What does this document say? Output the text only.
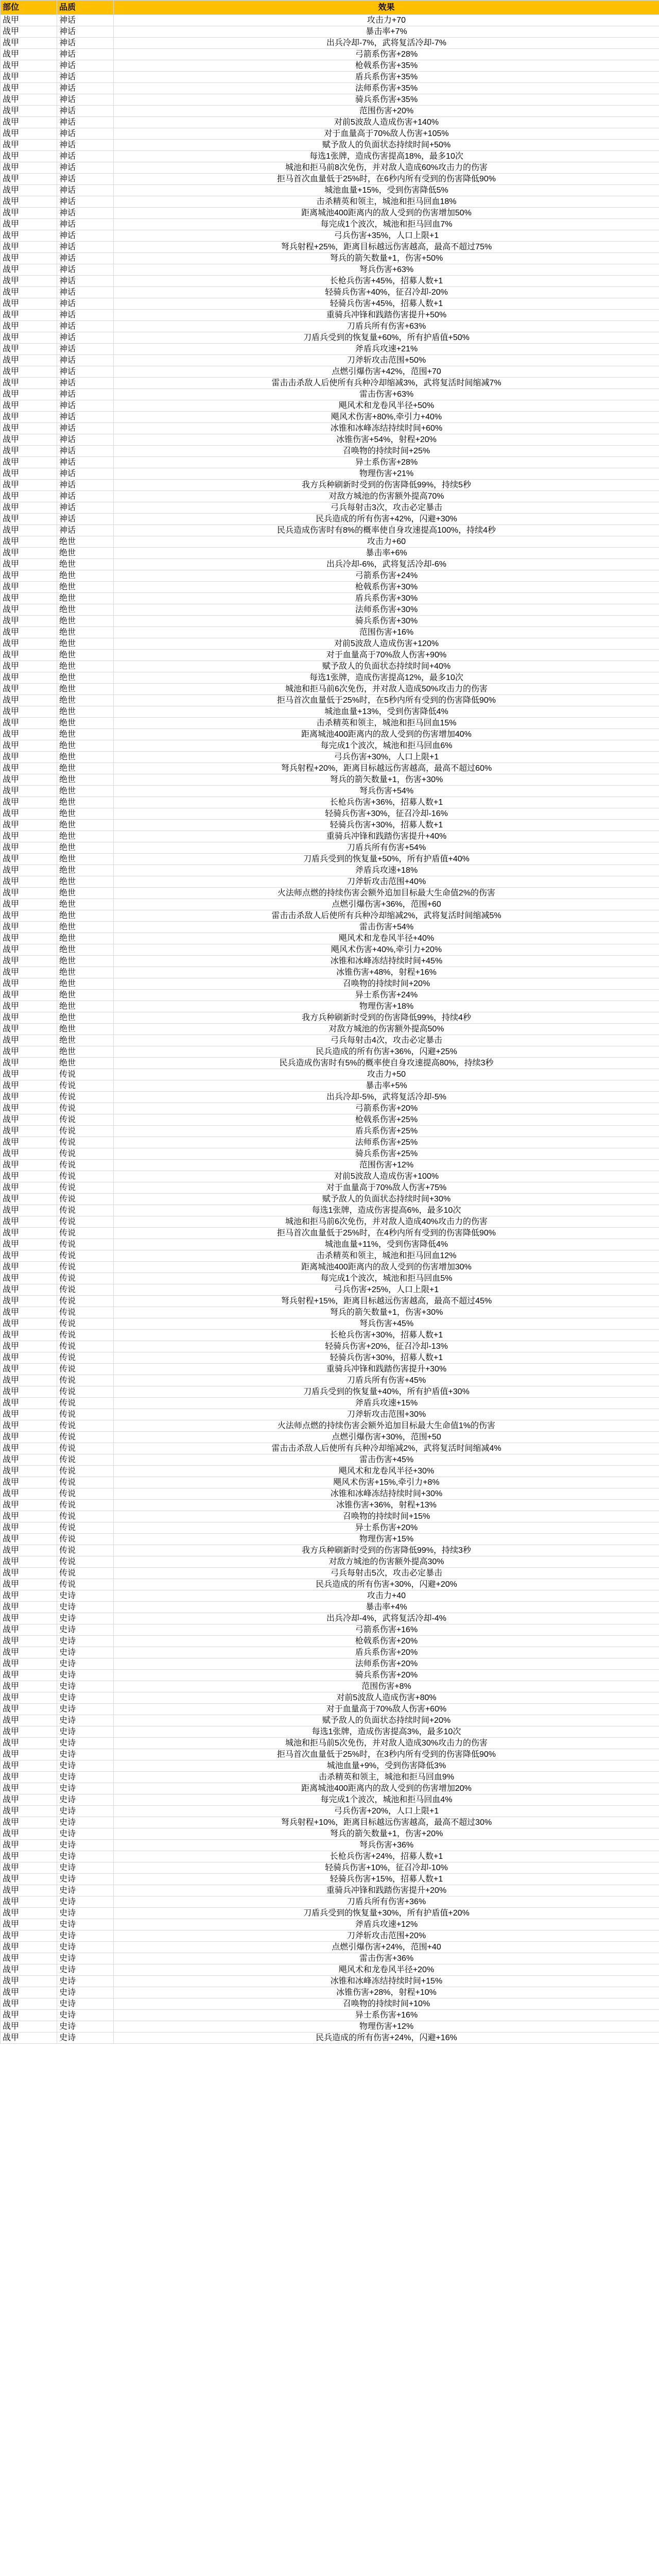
部位	品质	效果
战甲	神话	攻击力+70
战甲	神话	暴击率+7%
战甲	神话	出兵冷却-7%，武将复活冷却-7%
战甲	神话	弓箭系伤害+28%
战甲	神话	枪戟系伤害+35%
战甲	神话	盾兵系伤害+35%
战甲	神话	法师系伤害+35%
战甲	神话	骑兵系伤害+35%
战甲	神话	范围伤害+20%
战甲	神话	对前5波敌人造成伤害+140%
战甲	神话	对于血量高于70%敌人伤害+105%
战甲	神话	赋予敌人的负面状态持续时间+50%
战甲	神话	每选1张牌，造成伤害提高18%，最多10次
战甲	神话	城池和拒马前8次免伤，并对敌人造成60%攻击力的伤害
战甲	神话	拒马首次血量低于25%时，在6秒内所有受到的伤害降低90%
战甲	神话	城池血量+15%，受到伤害降低5%
战甲	神话	击杀精英和领主，城池和拒马回血18%
战甲	神话	距离城池400距离内的敌人受到的伤害增加50%
战甲	神话	每完成1个波次，城池和拒马回血7%
战甲	神话	弓兵伤害+35%，人口上限+1
战甲	神话	弩兵射程+25%，距离目标越远伤害越高，最高不超过75%
战甲	神话	弩兵的箭矢数量+1，伤害+50%
战甲	神话	弩兵伤害+63%
战甲	神话	长枪兵伤害+45%，招募人数+1
战甲	神话	轻骑兵伤害+40%，征召冷却-20%
战甲	神话	轻骑兵伤害+45%，招募人数+1
战甲	神话	重骑兵冲锋和践踏伤害提升+50%
战甲	神话	刀盾兵所有伤害+63%
战甲	神话	刀盾兵受到的恢复量+60%，所有护盾值+50%
战甲	神话	斧盾兵攻速+21%
战甲	神话	刀斧斩攻击范围+50%
战甲	神话	点燃引爆伤害+42%，范围+70
战甲	神话	雷击击杀敌人后使所有兵种冷却缩减3%，武将复活时间缩减7%
战甲	神话	雷击伤害+63%
战甲	神话	飓风术和龙卷风半径+50%
战甲	神话	飓风术伤害+80%,牵引力+40%
战甲	神话	冰锥和冰峰冻结持续时间+60%
战甲	神话	冰锥伤害+54%，射程+20%
战甲	神话	召唤物的持续时间+25%
战甲	神话	异士系伤害+28%
战甲	神话	物理伤害+21%
战甲	神话	我方兵种刷新时受到的伤害降低99%，持续5秒
战甲	神话	对敌方城池的伤害额外提高70%
战甲	神话	弓兵每射击3次，攻击必定暴击
战甲	神话	民兵造成的所有伤害+42%，闪避+30%
战甲	神话	民兵造成伤害时有8%的概率使自身攻速提高100%，持续4秒
战甲	绝世	攻击力+60
战甲	绝世	暴击率+6%
战甲	绝世	出兵冷却-6%，武将复活冷却-6%
战甲	绝世	弓箭系伤害+24%
战甲	绝世	枪戟系伤害+30%
战甲	绝世	盾兵系伤害+30%
战甲	绝世	法师系伤害+30%
战甲	绝世	骑兵系伤害+30%
战甲	绝世	范围伤害+16%
战甲	绝世	对前5波敌人造成伤害+120%
战甲	绝世	对于血量高于70%敌人伤害+90%
战甲	绝世	赋予敌人的负面状态持续时间+40%
战甲	绝世	每选1张牌，造成伤害提高12%，最多10次
战甲	绝世	城池和拒马前6次免伤，并对敌人造成50%攻击力的伤害
战甲	绝世	拒马首次血量低于25%时，在5秒内所有受到的伤害降低90%
战甲	绝世	城池血量+13%，受到伤害降低4%
战甲	绝世	击杀精英和领主，城池和拒马回血15%
战甲	绝世	距离城池400距离内的敌人受到的伤害增加40%
战甲	绝世	每完成1个波次，城池和拒马回血6%
战甲	绝世	弓兵伤害+30%，人口上限+1
战甲	绝世	弩兵射程+20%，距离目标越远伤害越高，最高不超过60%
战甲	绝世	弩兵的箭矢数量+1，伤害+30%
战甲	绝世	弩兵伤害+54%
战甲	绝世	长枪兵伤害+36%，招募人数+1
战甲	绝世	轻骑兵伤害+30%，征召冷却-16%
战甲	绝世	轻骑兵伤害+30%，招募人数+1
战甲	绝世	重骑兵冲锋和践踏伤害提升+40%
战甲	绝世	刀盾兵所有伤害+54%
战甲	绝世	刀盾兵受到的恢复量+50%，所有护盾值+40%
战甲	绝世	斧盾兵攻速+18%
战甲	绝世	刀斧斩攻击范围+40%
战甲	绝世	火法师点燃的持续伤害会额外追加目标最大生命值2%的伤害
战甲	绝世	点燃引爆伤害+36%，范围+60
战甲	绝世	雷击击杀敌人后使所有兵种冷却缩减2%，武将复活时间缩减5%
战甲	绝世	雷击伤害+54%
战甲	绝世	飓风术和龙卷风半径+40%
战甲	绝世	飓风术伤害+40%,牵引力+20%
战甲	绝世	冰锥和冰峰冻结持续时间+45%
战甲	绝世	冰锥伤害+48%，射程+16%
战甲	绝世	召唤物的持续时间+20%
战甲	绝世	异士系伤害+24%
战甲	绝世	物理伤害+18%
战甲	绝世	我方兵种刷新时受到的伤害降低99%，持续4秒
战甲	绝世	对敌方城池的伤害额外提高50%
战甲	绝世	弓兵每射击4次，攻击必定暴击
战甲	绝世	民兵造成的所有伤害+36%，闪避+25%
战甲	绝世	民兵造成伤害时有5%的概率使自身攻速提高80%，持续3秒
战甲	传说	攻击力+50
战甲	传说	暴击率+5%
战甲	传说	出兵冷却-5%，武将复活冷却-5%
战甲	传说	弓箭系伤害+20%
战甲	传说	枪戟系伤害+25%
战甲	传说	盾兵系伤害+25%
战甲	传说	法师系伤害+25%
战甲	传说	骑兵系伤害+25%
战甲	传说	范围伤害+12%
战甲	传说	对前5波敌人造成伤害+100%
战甲	传说	对于血量高于70%敌人伤害+75%
战甲	传说	赋予敌人的负面状态持续时间+30%
战甲	传说	每选1张牌，造成伤害提高6%，最多10次
战甲	传说	城池和拒马前6次免伤，并对敌人造成40%攻击力的伤害
战甲	传说	拒马首次血量低于25%时，在4秒内所有受到的伤害降低90%
战甲	传说	城池血量+11%，受到伤害降低4%
战甲	传说	击杀精英和领主，城池和拒马回血12%
战甲	传说	距离城池400距离内的敌人受到的伤害增加30%
战甲	传说	每完成1个波次，城池和拒马回血5%
战甲	传说	弓兵伤害+25%，人口上限+1
战甲	传说	弩兵射程+15%，距离目标越远伤害越高，最高不超过45%
战甲	传说	弩兵的箭矢数量+1，伤害+30%
战甲	传说	弩兵伤害+45%
战甲	传说	长枪兵伤害+30%，招募人数+1
战甲	传说	轻骑兵伤害+20%，征召冷却-13%
战甲	传说	轻骑兵伤害+30%，招募人数+1
战甲	传说	重骑兵冲锋和践踏伤害提升+30%
战甲	传说	刀盾兵所有伤害+45%
战甲	传说	刀盾兵受到的恢复量+40%，所有护盾值+30%
战甲	传说	斧盾兵攻速+15%
战甲	传说	刀斧斩攻击范围+30%
战甲	传说	火法师点燃的持续伤害会额外追加目标最大生命值1%的伤害
战甲	传说	点燃引爆伤害+30%，范围+50
战甲	传说	雷击击杀敌人后使所有兵种冷却缩减2%，武将复活时间缩减4%
战甲	传说	雷击伤害+45%
战甲	传说	飓风术和龙卷风半径+30%
战甲	传说	飓风术伤害+15%,牵引力+8%
战甲	传说	冰锥和冰峰冻结持续时间+30%
战甲	传说	冰锥伤害+36%，射程+13%
战甲	传说	召唤物的持续时间+15%
战甲	传说	异士系伤害+20%
战甲	传说	物理伤害+15%
战甲	传说	我方兵种刷新时受到的伤害降低99%，持续3秒
战甲	传说	对敌方城池的伤害额外提高30%
战甲	传说	弓兵每射击5次，攻击必定暴击
战甲	传说	民兵造成的所有伤害+30%，闪避+20%
战甲	史诗	攻击力+40
战甲	史诗	暴击率+4%
战甲	史诗	出兵冷却-4%，武将复活冷却-4%
战甲	史诗	弓箭系伤害+16%
战甲	史诗	枪戟系伤害+20%
战甲	史诗	盾兵系伤害+20%
战甲	史诗	法师系伤害+20%
战甲	史诗	骑兵系伤害+20%
战甲	史诗	范围伤害+8%
战甲	史诗	对前5波敌人造成伤害+80%
战甲	史诗	对于血量高于70%敌人伤害+60%
战甲	史诗	赋予敌人的负面状态持续时间+20%
战甲	史诗	每选1张牌，造成伤害提高3%，最多10次
战甲	史诗	城池和拒马前5次免伤，并对敌人造成30%攻击力的伤害
战甲	史诗	拒马首次血量低于25%时，在3秒内所有受到的伤害降低90%
战甲	史诗	城池血量+9%，受到伤害降低3%
战甲	史诗	击杀精英和领主，城池和拒马回血9%
战甲	史诗	距离城池400距离内的敌人受到的伤害增加20%
战甲	史诗	每完成1个波次，城池和拒马回血4%
战甲	史诗	弓兵伤害+20%，人口上限+1
战甲	史诗	弩兵射程+10%，距离目标越远伤害越高，最高不超过30%
战甲	史诗	弩兵的箭矢数量+1，伤害+20%
战甲	史诗	弩兵伤害+36%
战甲	史诗	长枪兵伤害+24%，招募人数+1
战甲	史诗	轻骑兵伤害+10%，征召冷却-10%
战甲	史诗	轻骑兵伤害+15%，招募人数+1
战甲	史诗	重骑兵冲锋和践踏伤害提升+20%
战甲	史诗	刀盾兵所有伤害+36%
战甲	史诗	刀盾兵受到的恢复量+30%，所有护盾值+20%
战甲	史诗	斧盾兵攻速+12%
战甲	史诗	刀斧斩攻击范围+20%
战甲	史诗	点燃引爆伤害+24%，范围+40
战甲	史诗	雷击伤害+36%
战甲	史诗	飓风术和龙卷风半径+20%
战甲	史诗	冰锥和冰峰冻结持续时间+15%
战甲	史诗	冰锥伤害+28%，射程+10%
战甲	史诗	召唤物的持续时间+10%
战甲	史诗	异士系伤害+16%
战甲	史诗	物理伤害+12%
战甲	史诗	民兵造成的所有伤害+24%，闪避+16%
